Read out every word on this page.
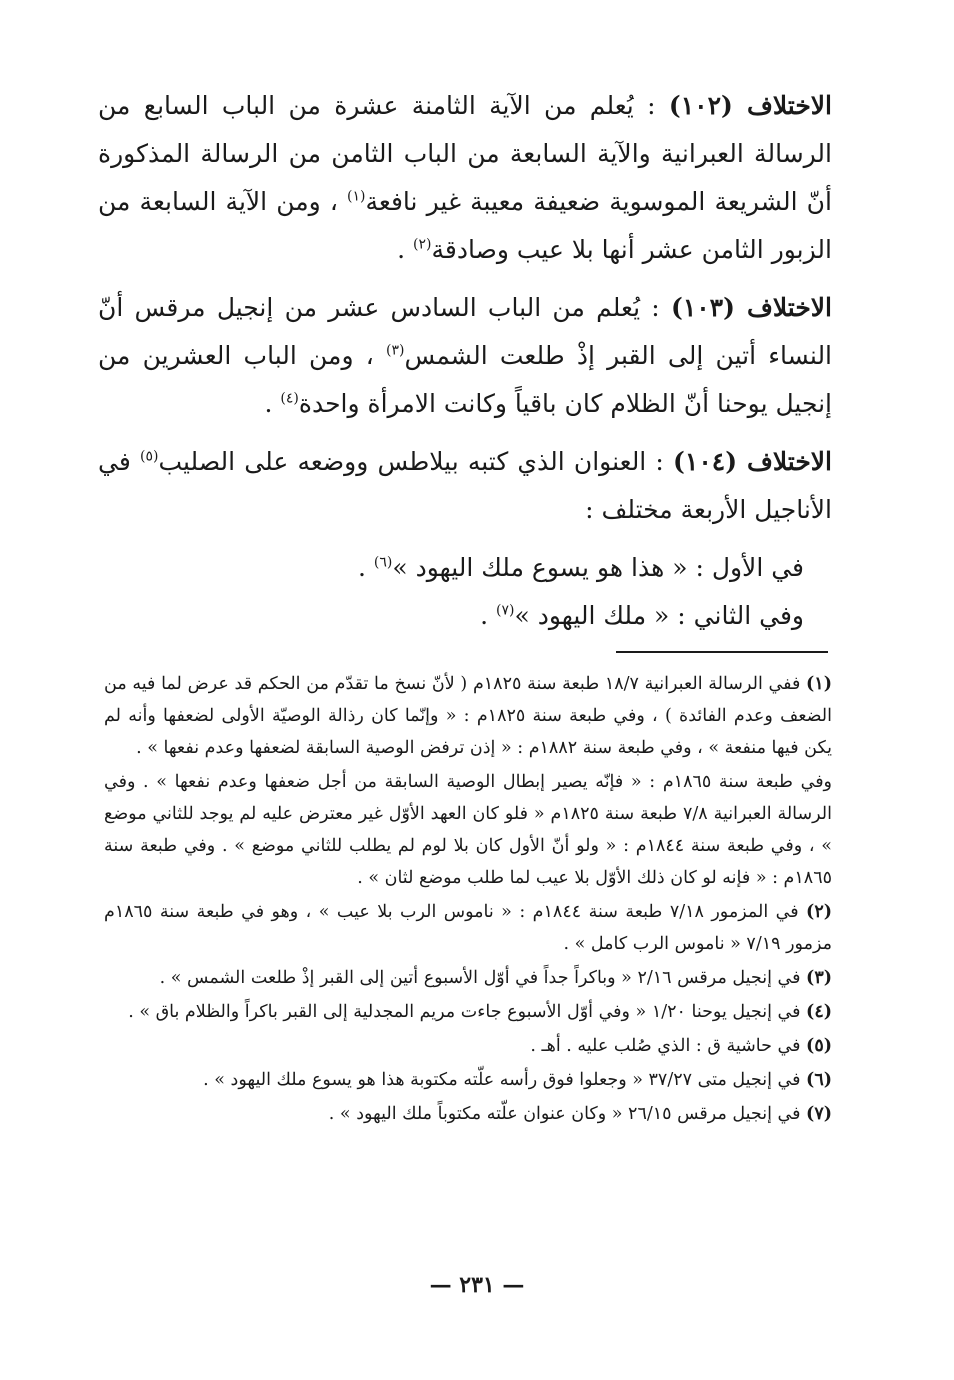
الاختلاف (١٠٢) : يُعلم من الآية الثامنة عشرة من الباب السابع من الرسالة العبرانية والآية السابعة من الباب الثامن من الرسالة المذكورة أنّ الشريعة الموسوية ضعيفة معيبة غير نافعة$^{(١)}$ ، ومن الآية السابعة من الزبور الثامن عشر أنها بلا عيب وصادقة$^{(٢)}$ .

الاختلاف (١٠٣) : يُعلم من الباب السادس عشر من إنجيل مرقس أنّ النساء أتين إلى القبر إذْ طلعت الشمس$^{(٣)}$ ، ومن الباب العشرين من إنجيل يوحنا أنّ الظلام كان باقياً وكانت الامرأة واحدة$^{(٤)}$ .

الاختلاف (١٠٤) : العنوان الذي كتبه بيلاطس ووضعه على الصليب$^{(٥)}$ في الأناجيل الأربعة مختلف :

في الأول : « هذا هو يسوع ملك اليهود »$^{(٦)}$ .
وفي الثاني : « ملك اليهود »$^{(٧)}$ .

(١) ففي الرسالة العبرانية ١٨/٧ طبعة سنة ١٨٢٥م ( لأنّ نسخ ما تقدّم من الحكم قد عرض لما فيه من الضعف وعدم الفائدة ) ، وفي طبعة سنة ١٨٢٥م : « وإنّما كان رذالة الوصيّة الأولى لضعفها وأنه لم يكن فيها منفعة » ، وفي طبعة سنة ١٨٨٢م : « إذن ترفض الوصية السابقة لضعفها وعدم نفعها » .

وفي طبعة سنة ١٨٦٥م : « فإنّه يصير إبطال الوصية السابقة من أجل ضعفها وعدم نفعها » . وفي الرسالة العبرانية ٧/٨ طبعة سنة ١٨٢٥م « فلو كان العهد الأوّل غير معترض عليه لم يوجد للثاني موضع » ، وفي طبعة سنة ١٨٤٤م : « ولو أنّ الأول كان بلا لوم لم يطلب للثاني موضع » . وفي طبعة سنة ١٨٦٥م : « فإنه لو كان ذلك الأوّل بلا عيب لما طلب موضع لثان » .

(٢) في المزمور ٧/١٨ طبعة سنة ١٨٤٤م : « ناموس الرب بلا عيب » ، وهو في طبعة سنة ١٨٦٥م مزمور ٧/١٩ « ناموس الرب كامل » .

(٣) في إنجيل مرقس ٢/١٦ « وباكراً جداً في أوّل الأسبوع أتين إلى القبر إذْ طلعت الشمس » .

(٤) في إنجيل يوحنا ١/٢٠ « وفي أوّل الأسبوع جاءت مريم المجدلية إلى القبر باكراً والظلام باق » .

(٥) في حاشية ق : الذي صُلب عليه . أهـ .

(٦) في إنجيل متى ٣٧/٢٧ « وجعلوا فوق رأسه علّته مكتوبة هذا هو يسوع ملك اليهود » .

(٧) في إنجيل مرقس ٢٦/١٥ « وكان عنوان علّته مكتوباً ملك اليهود » .

— ٢٣١ —
